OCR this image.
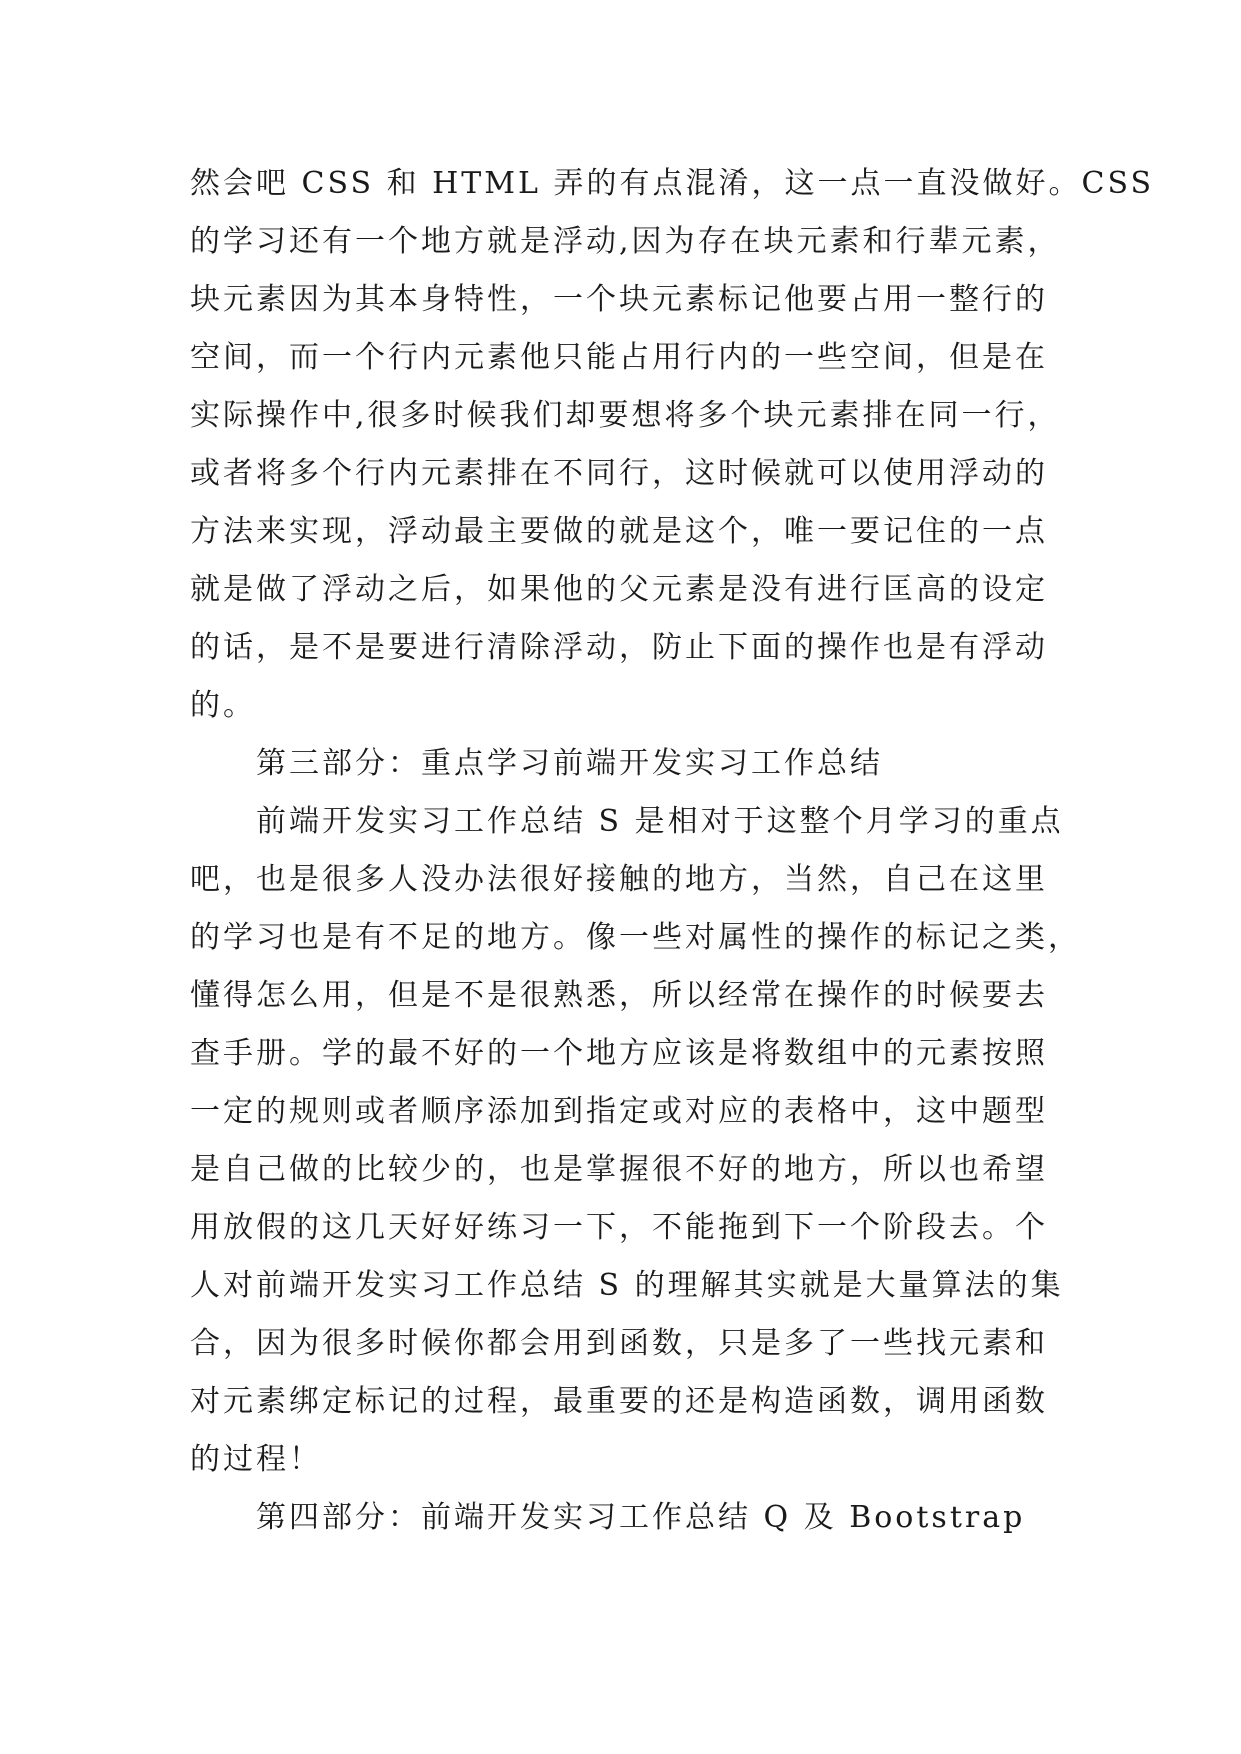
然会吧 CSS 和 HTML 弄的有点混淆，这一点一直没做好。CSS
的学习还有一个地方就是浮动,因为存在块元素和行辈元素，
块元素因为其本身特性，一个块元素标记他要占用一整行的
空间，而一个行内元素他只能占用行内的一些空间，但是在
实际操作中,很多时候我们却要想将多个块元素排在同一行，
或者将多个行内元素排在不同行，这时候就可以使用浮动的
方法来实现，浮动最主要做的就是这个，唯一要记住的一点
就是做了浮动之后，如果他的父元素是没有进行匡高的设定
的话，是不是要进行清除浮动，防止下面的操作也是有浮动
的。
第三部分：重点学习前端开发实习工作总结
前端开发实习工作总结 S 是相对于这整个月学习的重点
吧，也是很多人没办法很好接触的地方，当然，自己在这里
的学习也是有不足的地方。像一些对属性的操作的标记之类，
懂得怎么用，但是不是很熟悉，所以经常在操作的时候要去
查手册。学的最不好的一个地方应该是将数组中的元素按照
一定的规则或者顺序添加到指定或对应的表格中，这中题型
是自己做的比较少的，也是掌握很不好的地方，所以也希望
用放假的这几天好好练习一下，不能拖到下一个阶段去。个
人对前端开发实习工作总结 S 的理解其实就是大量算法的集
合，因为很多时候你都会用到函数，只是多了一些找元素和
对元素绑定标记的过程，最重要的还是构造函数，调用函数
的过程！
第四部分：前端开发实习工作总结 Q 及 Bootstrap
